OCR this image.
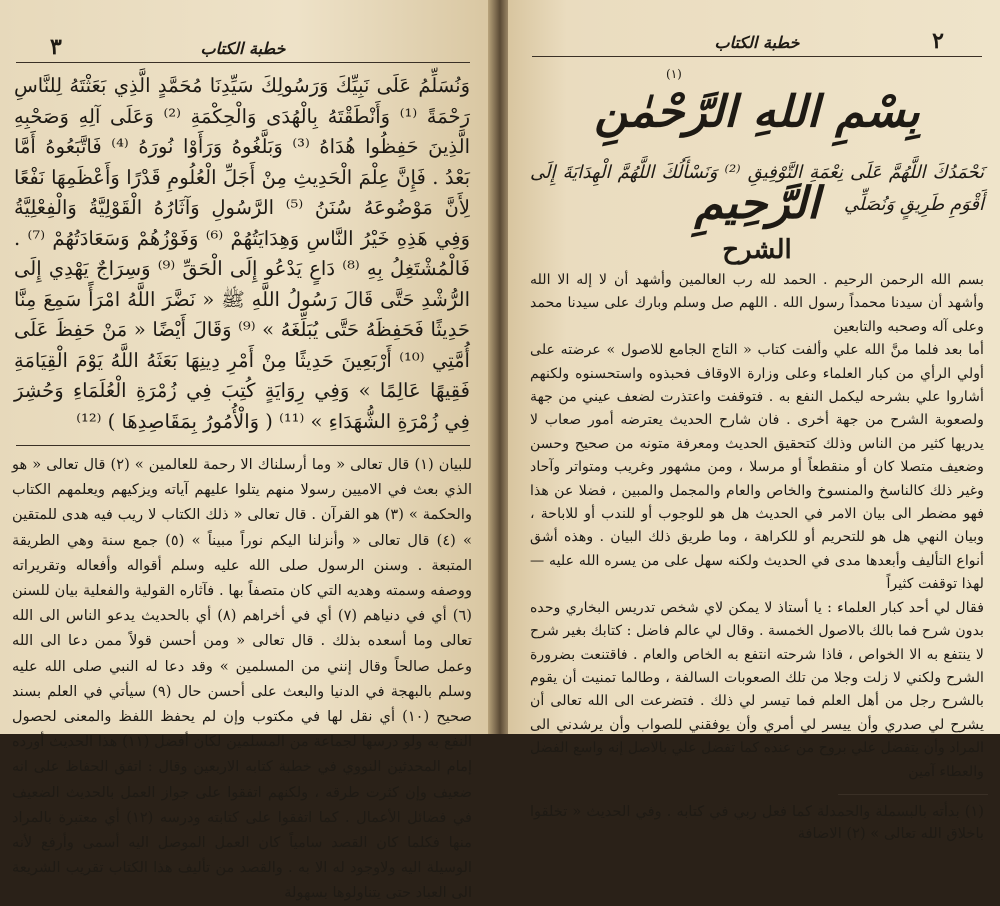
خطبة الكتاب
٣
وَنُسَلِّمُ عَلَى نَبِيِّكَ وَرَسُولِكَ سَيِّدِنَا مُحَمَّدٍ الَّذِي بَعَثْتَهُ لِلنَّاسِ رَحْمَةً ⁽¹⁾ وَأَنْطَقْتَهُ بِالْهُدَى وَالْحِكْمَةِ ⁽²⁾ وَعَلَى آلِهِ وَصَحْبِهِ الَّذِينَ حَفِظُوا هُدَاهُ ⁽³⁾ وَبَلَّغُوهُ وَرَأَوْا نُورَهُ ⁽⁴⁾ فَاتَّبَعُوهُ أَمَّا بَعْدُ . فَإِنَّ عِلْمَ الْحَدِيثِ مِنْ أَجَلِّ الْعُلُومِ قَدْرًا وَأَعْظَمِهَا نَفْعًا لِأَنَّ مَوْضُوعَهُ سُنَنُ ⁽⁵⁾ الرَّسُولِ وَآثَارُهُ الْقَوْلِيَّةُ وَالْفِعْلِيَّةُ وَفِي هَذِهِ خَيْرُ النَّاسِ وَهِدَايَتُهُمْ ⁽⁶⁾ وَفَوْزُهُمْ وَسَعَادَتُهُمْ ⁽⁷⁾ . فَالْمُشْتَغِلُ بِهِ ⁽⁸⁾ دَاعٍ يَدْعُو إِلَى الْحَقِّ ⁽⁹⁾ وَسِرَاجٌ يَهْدِي إِلَى الرُّشْدِ حَتَّى قَالَ رَسُولُ اللَّهِ ﷺ « نَضَّرَ اللَّهُ امْرَأً سَمِعَ مِنَّا حَدِيثًا فَحَفِظَهُ حَتَّى يُبَلِّغَهُ » ⁽⁹⁾ وَقَالَ أَيْضًا « مَنْ حَفِظَ عَلَى أُمَّتِي ⁽¹⁰⁾ أَرْبَعِينَ حَدِيثًا مِنْ أَمْرِ دِينِهَا بَعَثَهُ اللَّهُ يَوْمَ الْقِيَامَةِ فَقِيهًا عَالِمًا » وَفِي رِوَايَةٍ كُتِبَ فِي زُمْرَةِ الْعُلَمَاءِ وَحُشِرَ فِي زُمْرَةِ الشُّهَدَاءِ » ⁽¹¹⁾ ( وَالْأُمُورُ بِمَقَاصِدِهَا ) ⁽¹²⁾
للبيان (١) قال تعالى « وما أرسلناك الا رحمة للعالمين » (٢) قال تعالى « هو الذي بعث في الاميين رسولا منهم يتلوا عليهم آياته ويزكيهم ويعلمهم الكتاب والحكمة » (٣) هو القرآن . قال تعالى « ذلك الكتاب لا ريب فيه هدى للمتقين » (٤) قال تعالى « وأنزلنا اليكم نوراً مبيناً » (٥) جمع سنة وهي الطريقة المتبعة . وسنن الرسول صلى الله عليه وسلم أقواله وأفعاله وتقريراته ووصفه وسمته وهديه التي كان متصفاً بها . فآثاره القولية والفعلية بيان للسنن (٦) أي في دنياهم (٧) أي في أخراهم (٨) أي بالحديث يدعو الناس الى الله تعالى وما أسعده بذلك . قال تعالى « ومن أحسن قولاً ممن دعا الى الله وعمل صالحاً وقال إنني من المسلمين » وقد دعا له النبي صلى الله عليه وسلم بالبهجة في الدنيا والبعث على أحسن حال (٩) سيأتي في العلم بسند صحيح (١٠) أي نقل لها في مكتوب وإن لم يحفظ اللفظ والمعنى لحصول النفع به ولو درسها لجماعة من المسلمين لكان أفضل (١١) هذا الحديث أورده إمام المحدثين النووي في خطبة كتابه الاربعين وقال : اتفق الحفاظ على انه ضعيف وإن كثرت طرقه ، ولكنهم اتفقوا على جواز العمل بالحديث الضعيف في فضائل الأعمال . كما اتفقوا على كتابته ودرسه (١٢) أي معتبرة بالمراد منها فكلما كان القصد سامياً كان العمل الموصل اليه أسمى وأرفع لأنه الوسيلة اليه ولاوجود له الا به . والقصد من تأليف هذا الكتاب تقريب الشريعة الى العباد حتى يتناولوها بسهولة
خطبة الكتاب	٢
بِسْمِ اللهِ الرَّحْمٰنِ الرَّحِيمِ
(١)
نَحْمَدُكَ اللَّهُمَّ عَلَى نِعْمَةِ التَّوْفِيقِ ⁽²⁾ وَنَسْأَلُكَ اللَّهُمَّ الْهِدَايَةَ إِلَى أَقْوَمِ طَرِيقٍ وَنُصَلِّي
الشرح

بسم الله الرحمن الرحيم . الحمد لله رب العالمين وأشهد أن لا إله الا الله وأشهد أن سيدنا محمداً رسول الله . اللهم صل وسلم وبارك على سيدنا محمد وعلى آله وصحبه والتابعين

أما بعد فلما منَّ الله علي وألفت كتاب « التاج الجامع للاصول » عرضته على أولي الرأي من كبار العلماء وعلى وزارة الاوقاف فحبذوه واستحسنوه ولكنهم أشاروا علي بشرحه ليكمل النفع به . فتوقفت واعتذرت لضعف عيني من جهة ولصعوبة الشرح من جهة أخرى . فان شارح الحديث يعترضه أمور صعاب لا يدريها كثير من الناس وذلك كتحقيق الحديث ومعرفة متونه من صحيح وحسن وضعيف متصلا كان أو منقطعاً أو مرسلا ، ومن مشهور وغريب ومتواتر وآحاد وغير ذلك كالناسخ والمنسوخ والخاص والعام والمجمل والمبين ، فضلا عن هذا فهو مضطر الى بيان الامر في الحديث هل هو للوجوب أو للندب أو للاباحة ، وبيان النهي هل هو للتحريم أو للكراهة ، وما طريق ذلك البيان . وهذه أشق أنواع التأليف وأبعدها مدى في الحديث ولكنه سهل على من يسره الله عليه — لهذا توقفت كثيراً

فقال لي أحد كبار العلماء : يا أستاذ لا يمكن لاي شخص تدريس البخاري وحده بدون شرح فما بالك بالاصول الخمسة . وقال لي عالم فاضل : كتابك بغير شرح لا ينتفع به الا الخواص ، فاذا شرحته انتفع به الخاص والعام . فاقتنعت بضرورة الشرح ولكني لا زلت وجلا من تلك الصعوبات السالفة ، وطالما تمنيت أن يقوم بالشرح رجل من أهل العلم فما تيسر لي ذلك . فتضرعت الى الله تعالى أن يشرح لي صدري وأن ييسر لي أمري وأن يوفقني للصواب وأن يرشدني الى المراد وأن يتفضل علي بروح من عنده كما تفضل علي بالاصل إنه واسع الفضل والعطاء آمين

(١) بدأته بالبسملة والحمدلة كما فعل ربي في كتابه . وفي الحديث « تخلقوا باخلاق الله تعالى » (٢) الاضافة
